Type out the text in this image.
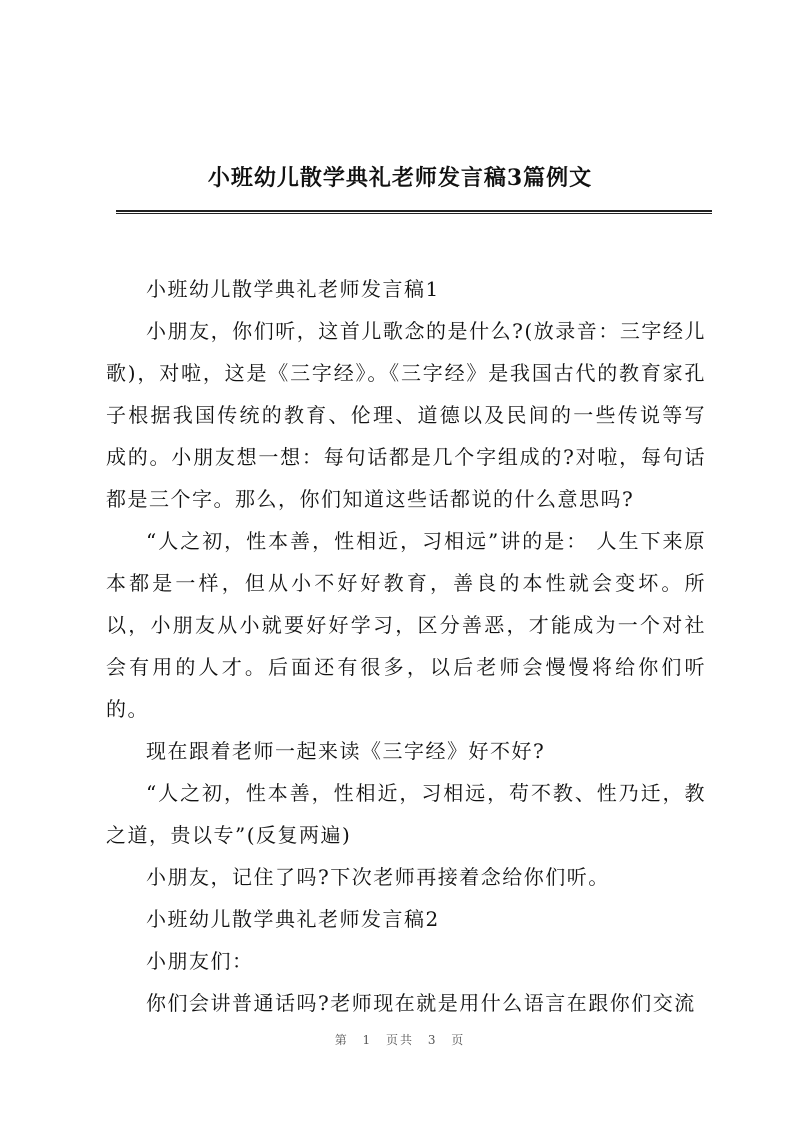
小班幼儿散学典礼老师发言稿3篇例文

小班幼儿散学典礼老师发言稿1

小朋友，你们听，这首儿歌念的是什么?(放录音：三字经儿歌)，对啦，这是《三字经》。《三字经》是我国古代的教育家孔子根据我国传统的教育、伦理、道德以及民间的一些传说等写成的。小朋友想一想：每句话都是几个字组成的?对啦，每句话都是三个字。那么，你们知道这些话都说的什么意思吗?

“人之初，性本善，性相近，习相远”讲的是： 人生下来原本都是一样，但从小不好好教育，善良的本性就会变坏。所以，小朋友从小就要好好学习，区分善恶，才能成为一个对社会有用的人才。后面还有很多，以后老师会慢慢将给你们听的。

现在跟着老师一起来读《三字经》好不好?

“人之初，性本善，性相近，习相远，苟不教、性乃迁，教之道，贵以专”(反复两遍)

小朋友，记住了吗?下次老师再接着念给你们听。

小班幼儿散学典礼老师发言稿2

小朋友们：

你们会讲普通话吗?老师现在就是用什么语言在跟你们交流

第 1 页共 3 页
